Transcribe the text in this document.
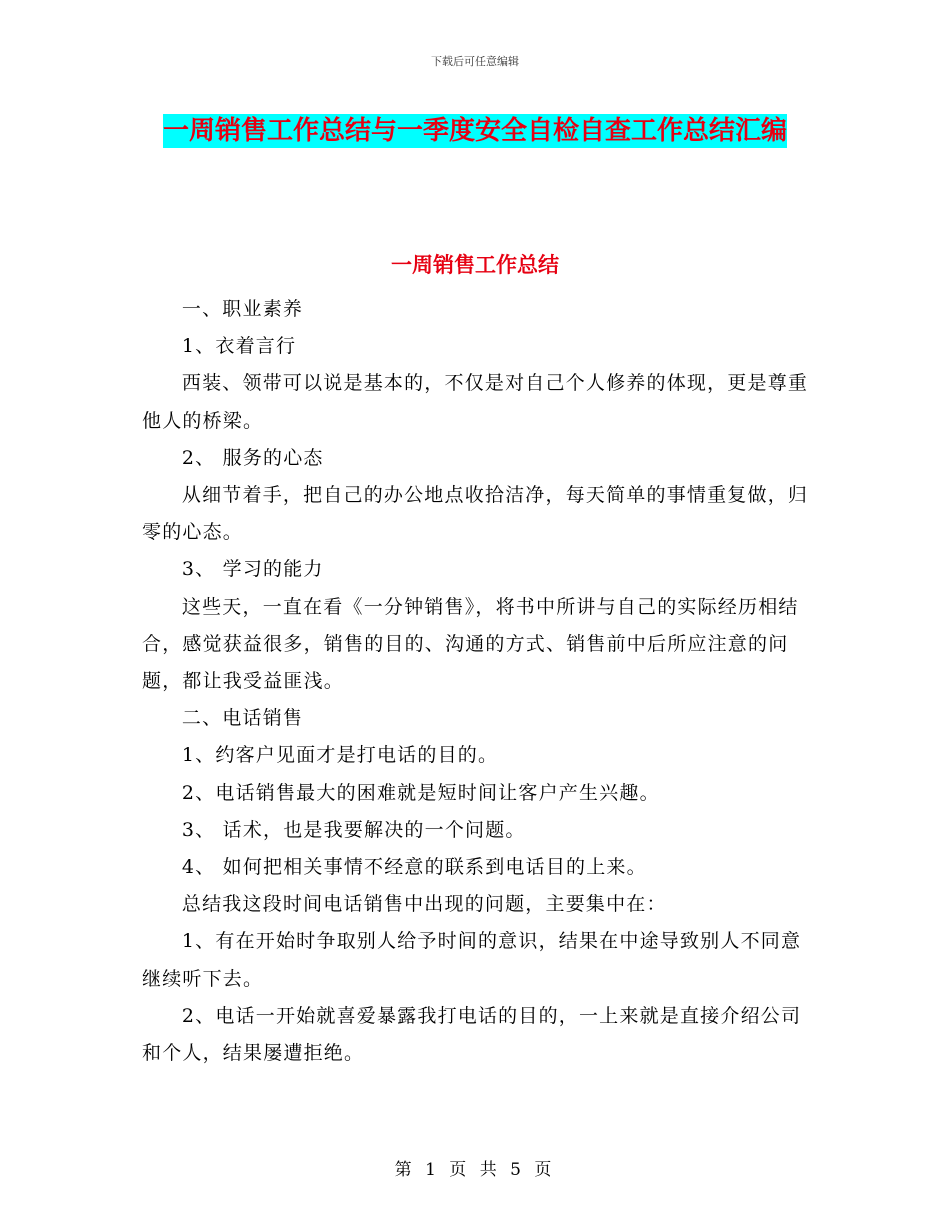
下载后可任意编辑
一周销售工作总结与一季度安全自检自查工作总结汇编
一周销售工作总结

一、职业素养

1、衣着言行

西装、领带可以说是基本的，不仅是对自己个人修养的体现，更是尊重他人的桥梁。

2、 服务的心态

从细节着手，把自己的办公地点收拾洁净，每天简单的事情重复做，归零的心态。

3、 学习的能力

这些天，一直在看《一分钟销售》，将书中所讲与自己的实际经历相结合，感觉获益很多，销售的目的、沟通的方式、销售前中后所应注意的问题，都让我受益匪浅。

二、电话销售

1、约客户见面才是打电话的目的。

2、电话销售最大的困难就是短时间让客户产生兴趣。

3、 话术，也是我要解决的一个问题。

4、 如何把相关事情不经意的联系到电话目的上来。

总结我这段时间电话销售中出现的问题，主要集中在：

1、有在开始时争取别人给予时间的意识，结果在中途导致别人不同意继续听下去。

2、电话一开始就喜爱暴露我打电话的目的，一上来就是直接介绍公司和个人，结果屡遭拒绝。

第 1 页 共 5 页
